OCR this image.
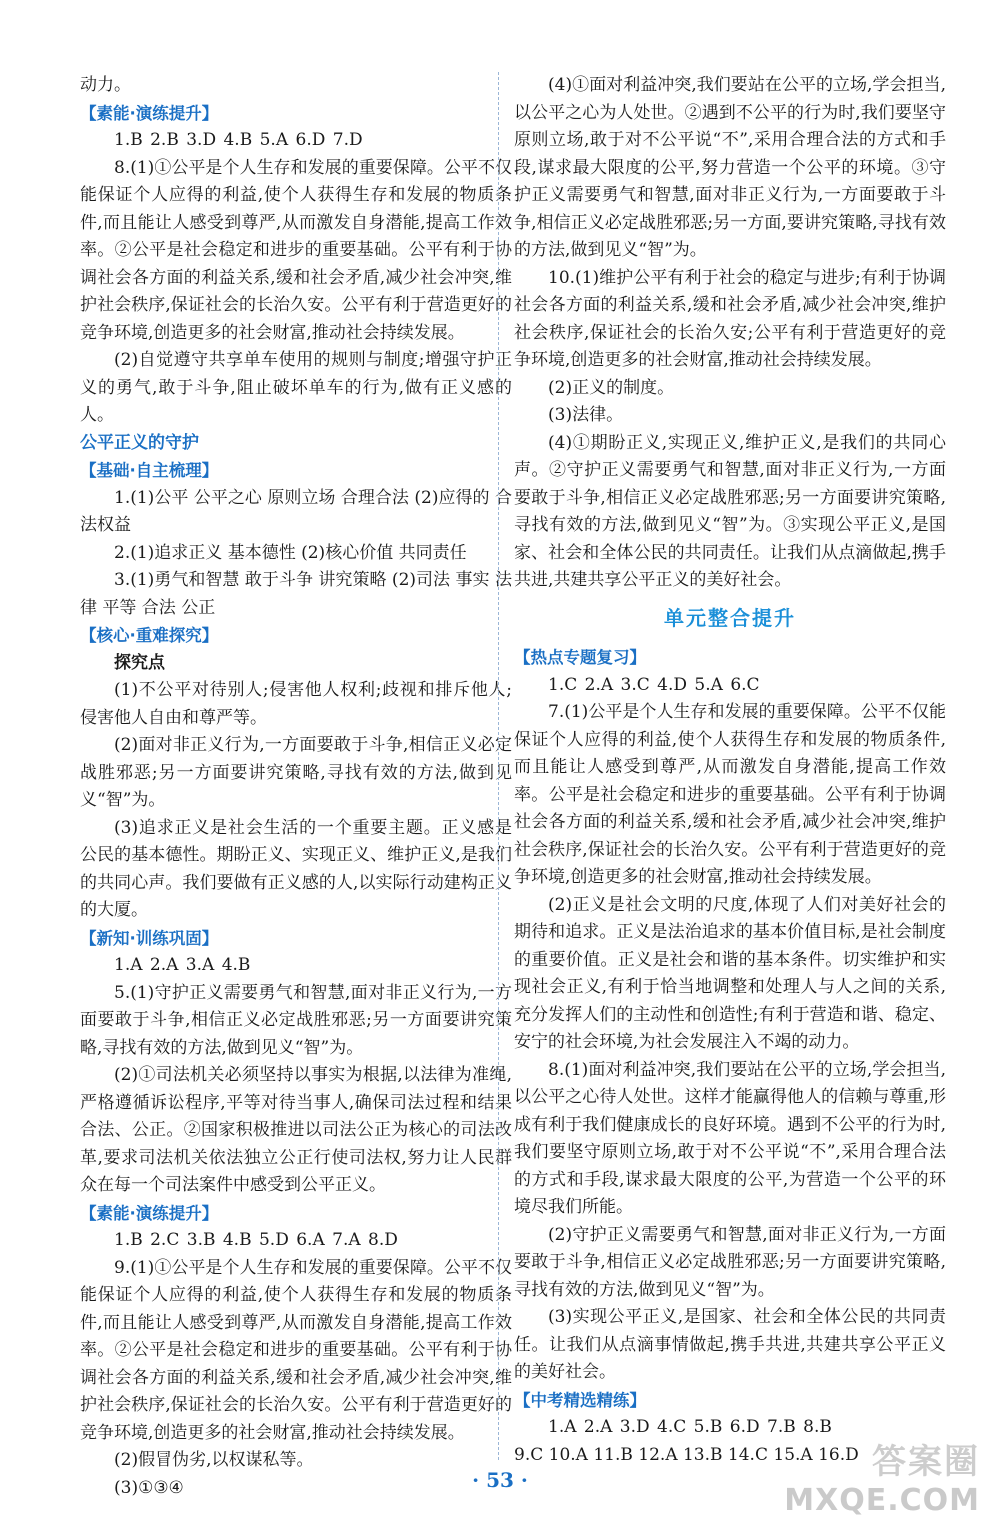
动力。

【素能·演练提升】

1.B 2.B 3.D 4.B 5.A 6.D 7.D

8.(1)①公平是个人生存和发展的重要保障。公平不仅能保证个人应得的利益,使个人获得生存和发展的物质条件,而且能让人感受到尊严,从而激发自身潜能,提高工作效率。②公平是社会稳定和进步的重要基础。公平有利于协调社会各方面的利益关系,缓和社会矛盾,减少社会冲突,维护社会秩序,保证社会的长治久安。公平有利于营造更好的竞争环境,创造更多的社会财富,推动社会持续发展。

(2)自觉遵守共享单车使用的规则与制度;增强守护正义的勇气,敢于斗争,阻止破坏单车的行为,做有正义感的人。

公平正义的守护

【基础·自主梳理】

1.(1)公平 公平之心 原则立场 合理合法 (2)应得的 合法权益

2.(1)追求正义 基本德性 (2)核心价值 共同责任

3.(1)勇气和智慧 敢于斗争 讲究策略 (2)司法 事实 法律 平等 合法 公正

【核心·重难探究】

探究点

(1)不公平对待别人;侵害他人权利;歧视和排斥他人;侵害他人自由和尊严等。

(2)面对非正义行为,一方面要敢于斗争,相信正义必定战胜邪恶;另一方面要讲究策略,寻找有效的方法,做到见义“智”为。

(3)追求正义是社会生活的一个重要主题。正义感是公民的基本德性。期盼正义、实现正义、维护正义,是我们的共同心声。我们要做有正义感的人,以实际行动建构正义的大厦。

【新知·训练巩固】

1.A 2.A 3.A 4.B

5.(1)守护正义需要勇气和智慧,面对非正义行为,一方面要敢于斗争,相信正义必定战胜邪恶;另一方面要讲究策略,寻找有效的方法,做到见义“智”为。

(2)①司法机关必须坚持以事实为根据,以法律为准绳,严格遵循诉讼程序,平等对待当事人,确保司法过程和结果合法、公正。②国家积极推进以司法公正为核心的司法改革,要求司法机关依法独立公正行使司法权,努力让人民群众在每一个司法案件中感受到公平正义。

【素能·演练提升】

1.B 2.C 3.B 4.B 5.D 6.A 7.A 8.D

9.(1)①公平是个人生存和发展的重要保障。公平不仅能保证个人应得的利益,使个人获得生存和发展的物质条件,而且能让人感受到尊严,从而激发自身潜能,提高工作效率。②公平是社会稳定和进步的重要基础。公平有利于协调社会各方面的利益关系,缓和社会矛盾,减少社会冲突,维护社会秩序,保证社会的长治久安。公平有利于营造更好的竞争环境,创造更多的社会财富,推动社会持续发展。

(2)假冒伪劣,以权谋私等。

(3)①③④

(4)①面对利益冲突,我们要站在公平的立场,学会担当,以公平之心为人处世。②遇到不公平的行为时,我们要坚守原则立场,敢于对不公平说“不”,采用合理合法的方式和手段,谋求最大限度的公平,努力营造一个公平的环境。③守护正义需要勇气和智慧,面对非正义行为,一方面要敢于斗争,相信正义必定战胜邪恶;另一方面,要讲究策略,寻找有效的方法,做到见义“智”为。

10.(1)维护公平有利于社会的稳定与进步;有利于协调社会各方面的利益关系,缓和社会矛盾,减少社会冲突,维护社会秩序,保证社会的长治久安;公平有利于营造更好的竞争环境,创造更多的社会财富,推动社会持续发展。

(2)正义的制度。

(3)法律。

(4)①期盼正义,实现正义,维护正义,是我们的共同心声。②守护正义需要勇气和智慧,面对非正义行为,一方面要敢于斗争,相信正义必定战胜邪恶;另一方面要讲究策略,寻找有效的方法,做到见义“智”为。③实现公平正义,是国家、社会和全体公民的共同责任。让我们从点滴做起,携手共进,共建共享公平正义的美好社会。

单元整合提升

【热点专题复习】

1.C 2.A 3.C 4.D 5.A 6.C

7.(1)公平是个人生存和发展的重要保障。公平不仅能保证个人应得的利益,使个人获得生存和发展的物质条件,而且能让人感受到尊严,从而激发自身潜能,提高工作效率。公平是社会稳定和进步的重要基础。公平有利于协调社会各方面的利益关系,缓和社会矛盾,减少社会冲突,维护社会秩序,保证社会的长治久安。公平有利于营造更好的竞争环境,创造更多的社会财富,推动社会持续发展。

(2)正义是社会文明的尺度,体现了人们对美好社会的期待和追求。正义是法治追求的基本价值目标,是社会制度的重要价值。正义是社会和谐的基本条件。切实维护和实现社会正义,有利于恰当地调整和处理人与人之间的关系,充分发挥人们的主动性和创造性;有利于营造和谐、稳定、安宁的社会环境,为社会发展注入不竭的动力。

8.(1)面对利益冲突,我们要站在公平的立场,学会担当,以公平之心待人处世。这样才能赢得他人的信赖与尊重,形成有利于我们健康成长的良好环境。遇到不公平的行为时,我们要坚守原则立场,敢于对不公平说“不”,采用合理合法的方式和手段,谋求最大限度的公平,为营造一个公平的环境尽我们所能。

(2)守护正义需要勇气和智慧,面对非正义行为,一方面要敢于斗争,相信正义必定战胜邪恶;另一方面要讲究策略,寻找有效的方法,做到见义“智”为。

(3)实现公平正义,是国家、社会和全体公民的共同责任。让我们从点滴事情做起,携手共进,共建共享公平正义的美好社会。

【中考精选精练】

1.A 2.A 3.D 4.C 5.B 6.D 7.B 8.B

9.C 10.A 11.B 12.A 13.B 14.C 15.A 16.D

· 53 ·	答案圈
MXQE.COM
